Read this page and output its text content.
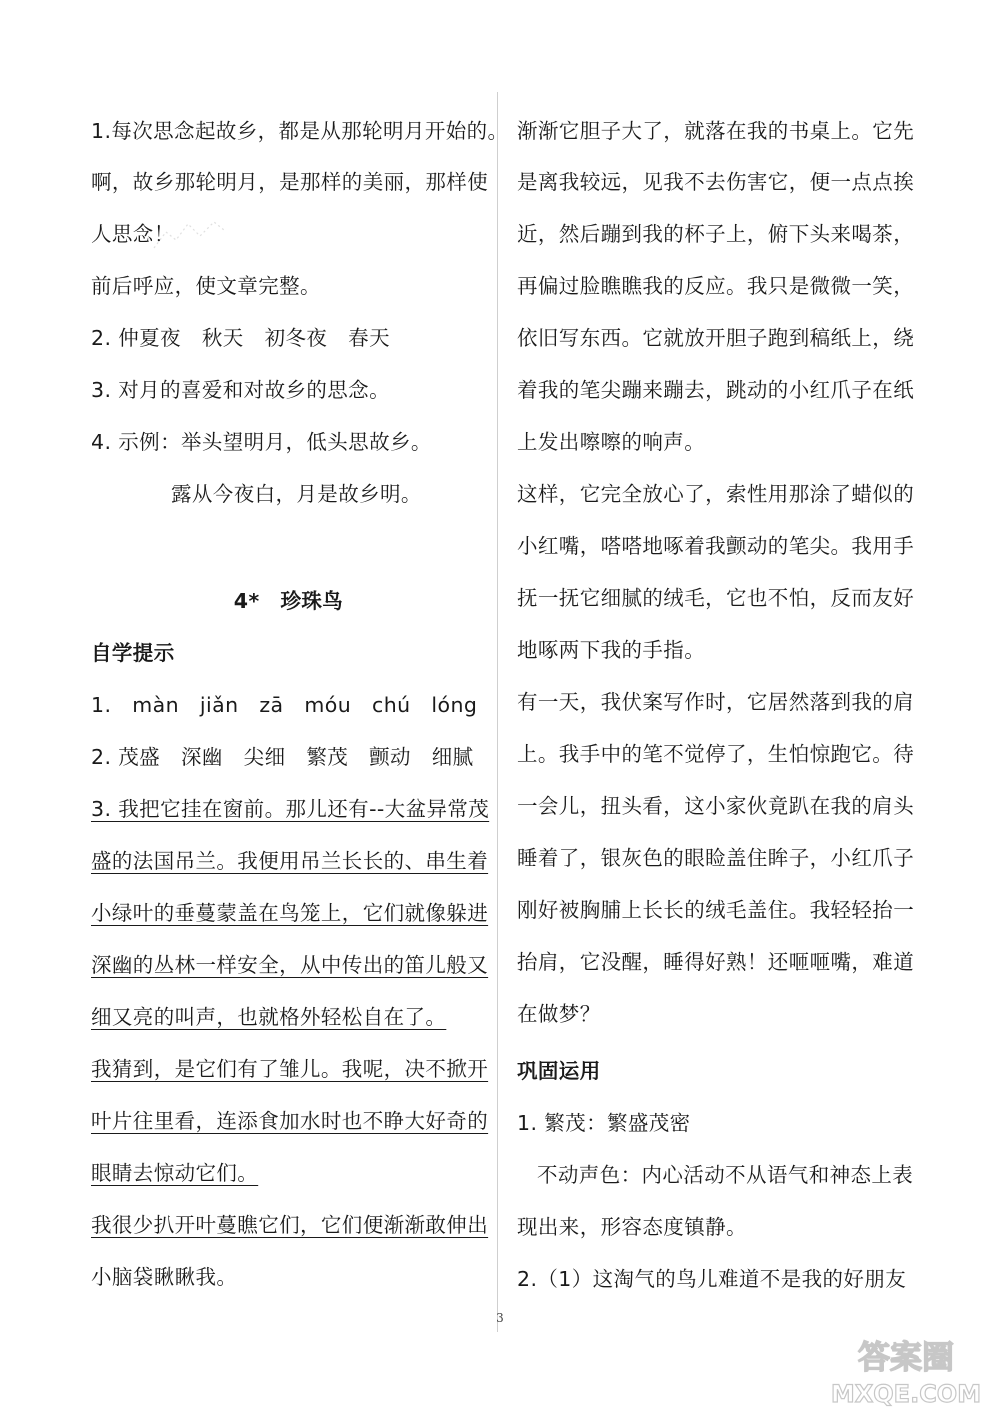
1.每次思念起故乡，都是从那轮明月开始的。
啊，故乡那轮明月，是那样的美丽，那样使
人思念！
前后呼应，使文章完整。
2. 仲夏夜　秋天　初冬夜　春天
3. 对月的喜爱和对故乡的思念。
4. 示例：举头望明月，低头思故乡。
露从今夜白，月是故乡明。
4*　珍珠鸟
自学提示
1. màn jiǎn zā móu chú lóng
2. 茂盛　深幽　尖细　繁茂　颤动　细腻
3. 我把它挂在窗前。那儿还有--大盆异常茂
盛的法国吊兰。我便用吊兰长长的、串生着
小绿叶的垂蔓蒙盖在鸟笼上，它们就像躲进
深幽的丛林一样安全，从中传出的笛儿般又
细又亮的叫声，也就格外轻松自在了。
我猜到，是它们有了雏儿。我呢，决不掀开
叶片往里看，连添食加水时也不睁大好奇的
眼睛去惊动它们。
我很少扒开叶蔓瞧它们，它们便渐渐敢伸出
小脑袋瞅瞅我。
渐渐它胆子大了，就落在我的书桌上。它先
是离我较远，见我不去伤害它，便一点点挨
近，然后蹦到我的杯子上，俯下头来喝茶，
再偏过脸瞧瞧我的反应。我只是微微一笑，
依旧写东西。它就放开胆子跑到稿纸上，绕
着我的笔尖蹦来蹦去，跳动的小红爪子在纸
上发出嚓嚓的响声。
这样，它完全放心了，索性用那涂了蜡似的
小红嘴，嗒嗒地啄着我颤动的笔尖。我用手
抚一抚它细腻的绒毛，它也不怕，反而友好
地啄两下我的手指。
有一天，我伏案写作时，它居然落到我的肩
上。我手中的笔不觉停了，生怕惊跑它。待
一会儿，扭头看，这小家伙竟趴在我的肩头
睡着了，银灰色的眼睑盖住眸子，小红爪子
刚好被胸脯上长长的绒毛盖住。我轻轻抬一
抬肩，它没醒，睡得好熟！还咂咂嘴，难道
在做梦？
巩固运用
1. 繁茂：繁盛茂密
不动声色：内心活动不从语气和神态上表
现出来，形容态度镇静。
2.（1）这淘气的鸟儿难道不是我的好朋友
3
答案圈
MXQE.COM
